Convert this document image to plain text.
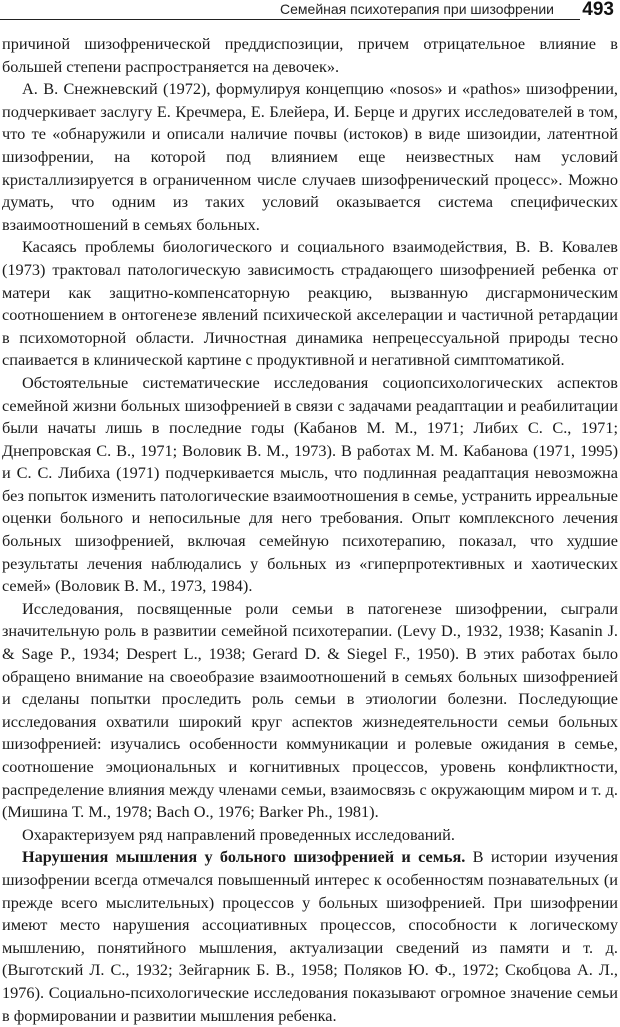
Семейная психотерапия при шизофрении 493

причиной шизофренической преддиспозиции, причем отрицательное влияние в большей степени распространяется на девочек».

А. В. Снежневский (1972), формулируя концепцию «nosos» и «pathos» шизофрении, подчеркивает заслугу Е. Кречмера, Е. Блейера, И. Берце и других исследователей в том, что те «обнаружили и описали наличие почвы (истоков) в виде шизоидии, латентной шизофрении, на которой под влиянием еще неизвестных нам условий кристаллизируется в ограниченном числе случаев шизофренический процесс». Можно думать, что одним из таких условий оказывается система специфических взаимоотношений в семьях больных.

Касаясь проблемы биологического и социального взаимодействия, В. В. Ковалев (1973) трактовал патологическую зависимость страдающего шизофренией ребенка от матери как защитно-компенсаторную реакцию, вызванную дисгармоническим соотношением в онтогенезе явлений психической акселерации и частичной ретардации в психомоторной области. Личностная динамика непрецессуальной природы тесно спаивается в клинической картине с продуктивной и негативной симптоматикой.

Обстоятельные систематические исследования социопсихологических аспектов семейной жизни больных шизофренией в связи с задачами реадаптации и реабилитации были начаты лишь в последние годы (Кабанов М. М., 1971; Либих С. С., 1971; Днепровская С. В., 1971; Воловик В. М., 1973). В работах М. М. Кабанова (1971, 1995) и С. С. Либиха (1971) подчеркивается мысль, что подлинная реадаптация невозможна без попыток изменить патологические взаимоотношения в семье, устранить ирреальные оценки больного и непосильные для него требования. Опыт комплексного лечения больных шизофренией, включая семейную психотерапию, показал, что худшие результаты лечения наблюдались у больных из «гиперпротективных и хаотических семей» (Воловик В. М., 1973, 1984).

Исследования, посвященные роли семьи в патогенезе шизофрении, сыграли значительную роль в развитии семейной психотерапии. (Levy D., 1932, 1938; Kasanin J. & Sage P., 1934; Despert L., 1938; Gerard D. & Siegel F., 1950). В этих работах было обращено внимание на своеобразие взаимоотношений в семьях больных шизофренией и сделаны попытки проследить роль семьи в этиологии болезни. Последующие исследования охватили широкий круг аспектов жизнедеятельности семьи больных шизофренией: изучались особенности коммуникации и ролевые ожидания в семье, соотношение эмоциональных и когнитивных процессов, уровень конфликтности, распределение влияния между членами семьи, взаимосвязь с окружающим миром и т. д. (Мишина Т. М., 1978; Bach O., 1976; Barker Ph., 1981).

Охарактеризуем ряд направлений проведенных исследований.

Нарушения мышления у больного шизофренией и семья. В истории изучения шизофрении всегда отмечался повышенный интерес к особенностям познавательных (и прежде всего мыслительных) процессов у больных шизофренией. При шизофрении имеют место нарушения ассоциативных процессов, способности к логическому мышлению, понятийного мышления, актуализации сведений из памяти и т. д. (Выготский Л. С., 1932; Зейгарник Б. В., 1958; Поляков Ю. Ф., 1972; Скобцова А. Л., 1976). Социально-психологические исследования показывают огромное значение семьи в формировании и развитии мышления ребенка.
